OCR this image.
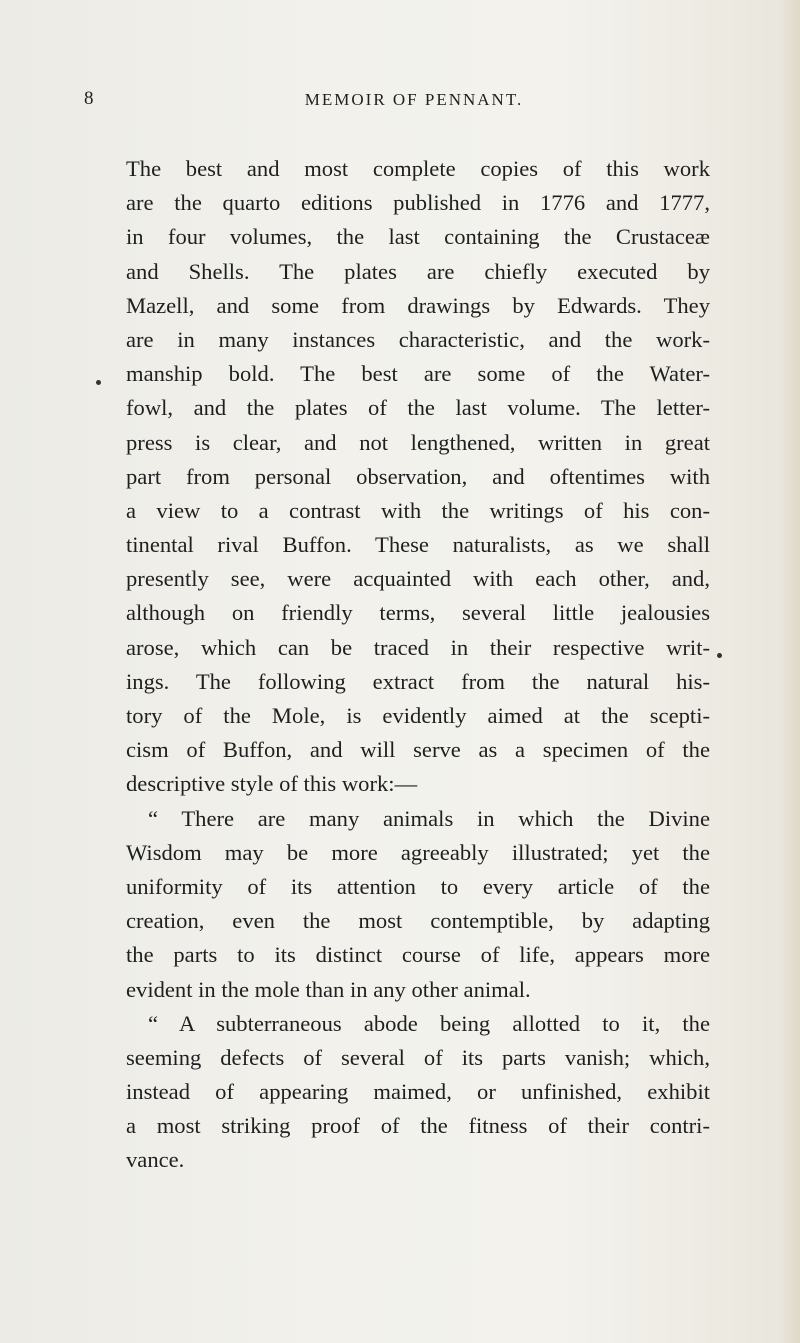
8	MEMOIR OF PENNANT.
The best and most complete copies of this work
are the quarto editions published in 1776 and 1777,
in four volumes, the last containing the Crustaceæ
and Shells. The plates are chiefly executed by
Mazell, and some from drawings by Edwards. They
are in many instances characteristic, and the work-
manship bold. The best are some of the Water-
fowl, and the plates of the last volume. The letter-
press is clear, and not lengthened, written in great
part from personal observation, and oftentimes with
a view to a contrast with the writings of his con-
tinental rival Buffon. These naturalists, as we shall
presently see, were acquainted with each other, and,
although on friendly terms, several little jealousies
arose, which can be traced in their respective writ-
ings. The following extract from the natural his-
tory of the Mole, is evidently aimed at the scepti-
cism of Buffon, and will serve as a specimen of the
descriptive style of this work:—
“ There are many animals in which the Divine
Wisdom may be more agreeably illustrated; yet the
uniformity of its attention to every article of the
creation, even the most contemptible, by adapting
the parts to its distinct course of life, appears more
evident in the mole than in any other animal.
“ A subterraneous abode being allotted to it, the
seeming defects of several of its parts vanish; which,
instead of appearing maimed, or unfinished, exhibit
a most striking proof of the fitness of their contri-
vance.
